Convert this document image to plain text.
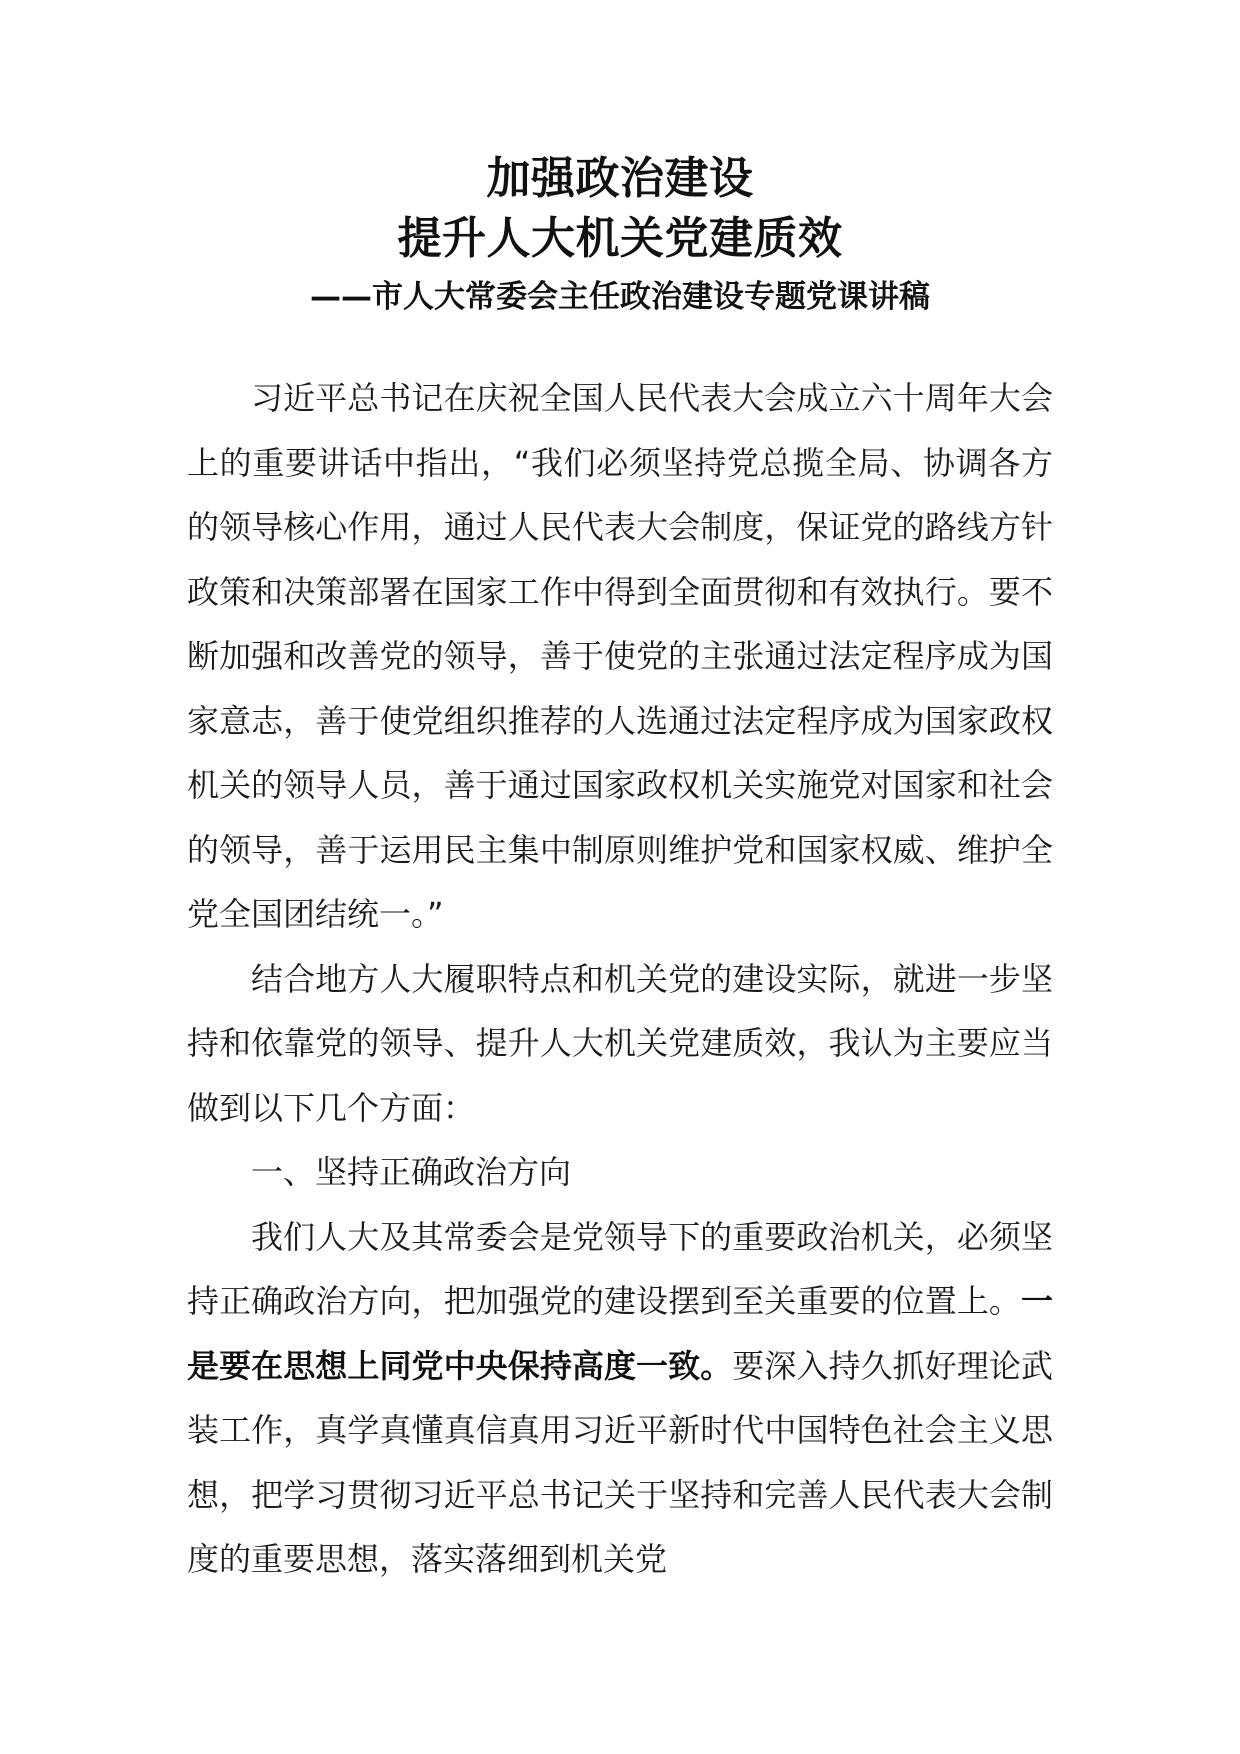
加强政治建设
提升人大机关党建质效
——市人大常委会主任政治建设专题党课讲稿

习近平总书记在庆祝全国人民代表大会成立六十周年大会上的重要讲话中指出，“我们必须坚持党总揽全局、协调各方的领导核心作用，通过人民代表大会制度，保证党的路线方针政策和决策部署在国家工作中得到全面贯彻和有效执行。要不断加强和改善党的领导，善于使党的主张通过法定程序成为国家意志，善于使党组织推荐的人选通过法定程序成为国家政权机关的领导人员，善于通过国家政权机关实施党对国家和社会的领导，善于运用民主集中制原则维护党和国家权威、维护全党全国团结统一。”

结合地方人大履职特点和机关党的建设实际，就进一步坚持和依靠党的领导、提升人大机关党建质效，我认为主要应当做到以下几个方面：

一、坚持正确政治方向

我们人大及其常委会是党领导下的重要政治机关，必须坚持正确政治方向，把加强党的建设摆到至关重要的位置上。一是要在思想上同党中央保持高度一致。要深入持久抓好理论武装工作，真学真懂真信真用习近平新时代中国特色社会主义思想，把学习贯彻习近平总书记关于坚持和完善人民代表大会制度的重要思想，落实落细到机关党
